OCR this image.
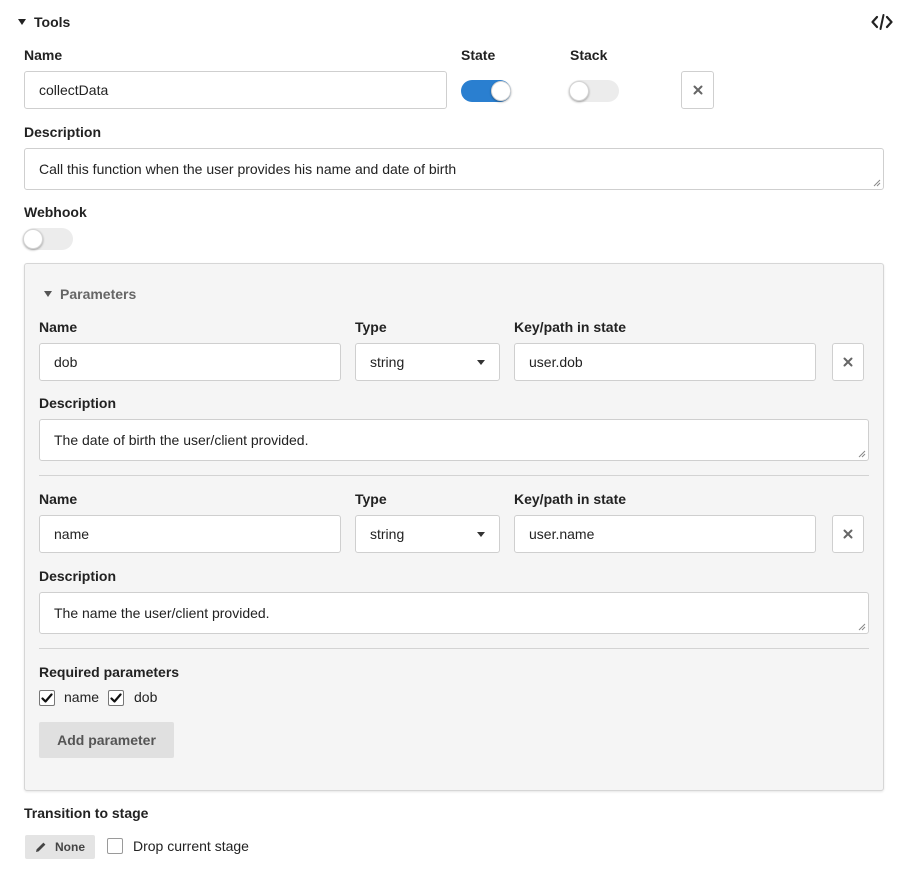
Tools
Name	State	Stack
collectData
Description
Call this function when the user provides his name and date of birth
Webhook
Parameters
Name	Type	Key/path in state
dob	string	user.dob
Description
The date of birth the user/client provided.
Name	Type	Key/path in state
name	string	user.name
Description
The name the user/client provided.
Required parameters
name dob
Add parameter
Transition to stage
None	Drop current stage
